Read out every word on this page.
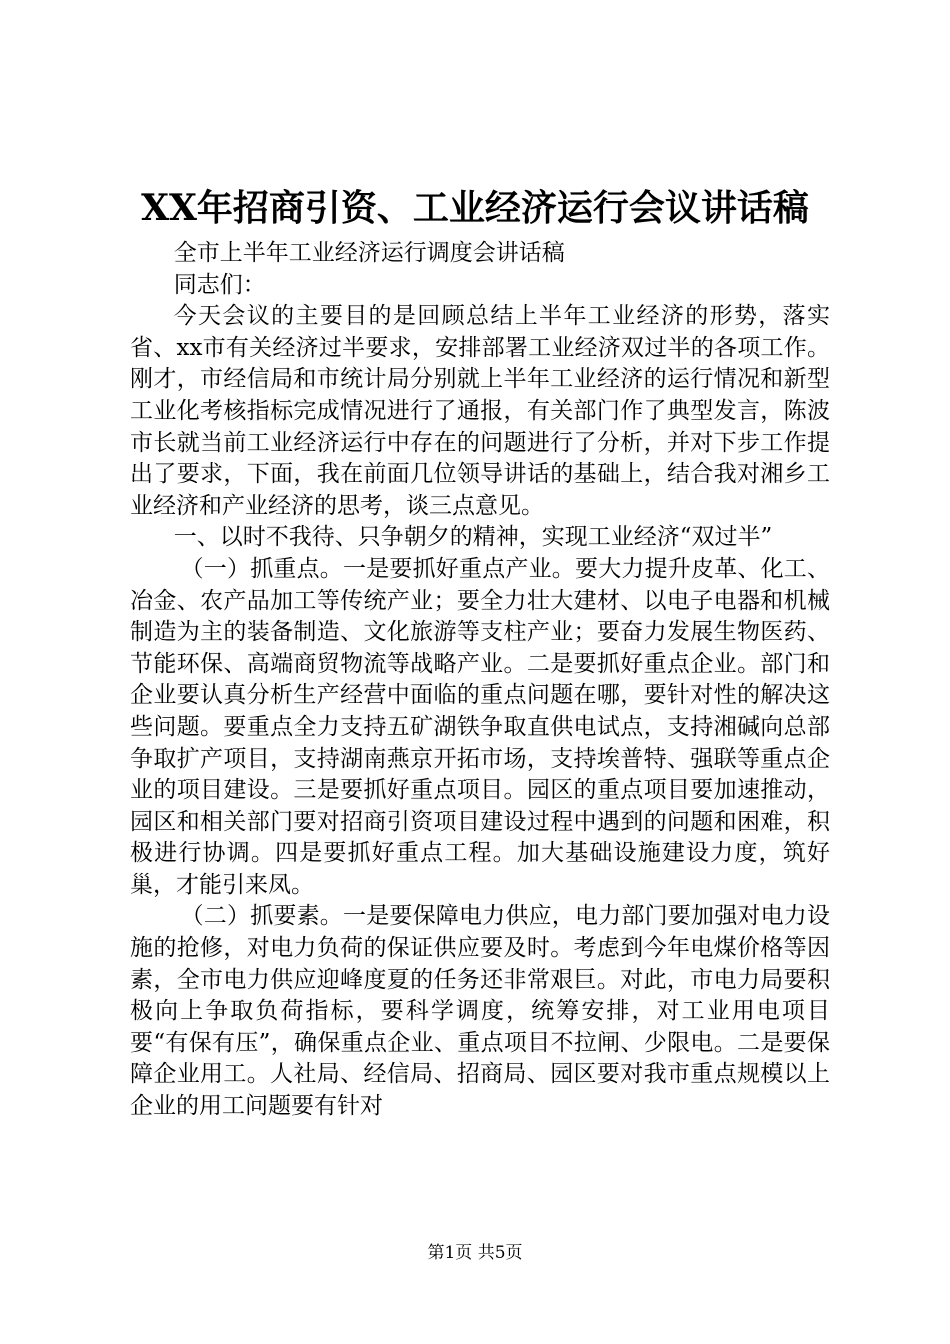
XX年招商引资、工业经济运行会议讲话稿

全市上半年工业经济运行调度会讲话稿

同志们：

今天会议的主要目的是回顾总结上半年工业经济的形势，落实省、xx市有关经济过半要求，安排部署工业经济双过半的各项工作。刚才，市经信局和市统计局分别就上半年工业经济的运行情况和新型工业化考核指标完成情况进行了通报，有关部门作了典型发言，陈波市长就当前工业经济运行中存在的问题进行了分析，并对下步工作提出了要求，下面，我在前面几位领导讲话的基础上，结合我对湘乡工业经济和产业经济的思考，谈三点意见。

一、以时不我待、只争朝夕的精神，实现工业经济“双过半”

（一）抓重点。一是要抓好重点产业。要大力提升皮革、化工、冶金、农产品加工等传统产业；要全力壮大建材、以电子电器和机械制造为主的装备制造、文化旅游等支柱产业；要奋力发展生物医药、节能环保、高端商贸物流等战略产业。二是要抓好重点企业。部门和企业要认真分析生产经营中面临的重点问题在哪，要针对性的解决这些问题。要重点全力支持五矿湖铁争取直供电试点，支持湘碱向总部争取扩产项目，支持湖南燕京开拓市场，支持埃普特、强联等重点企业的项目建设。三是要抓好重点项目。园区的重点项目要加速推动，园区和相关部门要对招商引资项目建设过程中遇到的问题和困难，积极进行协调。四是要抓好重点工程。加大基础设施建设力度，筑好巢，才能引来凤。

（二）抓要素。一是要保障电力供应，电力部门要加强对电力设施的抢修，对电力负荷的保证供应要及时。考虑到今年电煤价格等因素，全市电力供应迎峰度夏的任务还非常艰巨。对此，市电力局要积极向上争取负荷指标，要科学调度，统筹安排，对工业用电项目要“有保有压”，确保重点企业、重点项目不拉闸、少限电。二是要保障企业用工。人社局、经信局、招商局、园区要对我市重点规模以上企业的用工问题要有针对

第1页 共5页
